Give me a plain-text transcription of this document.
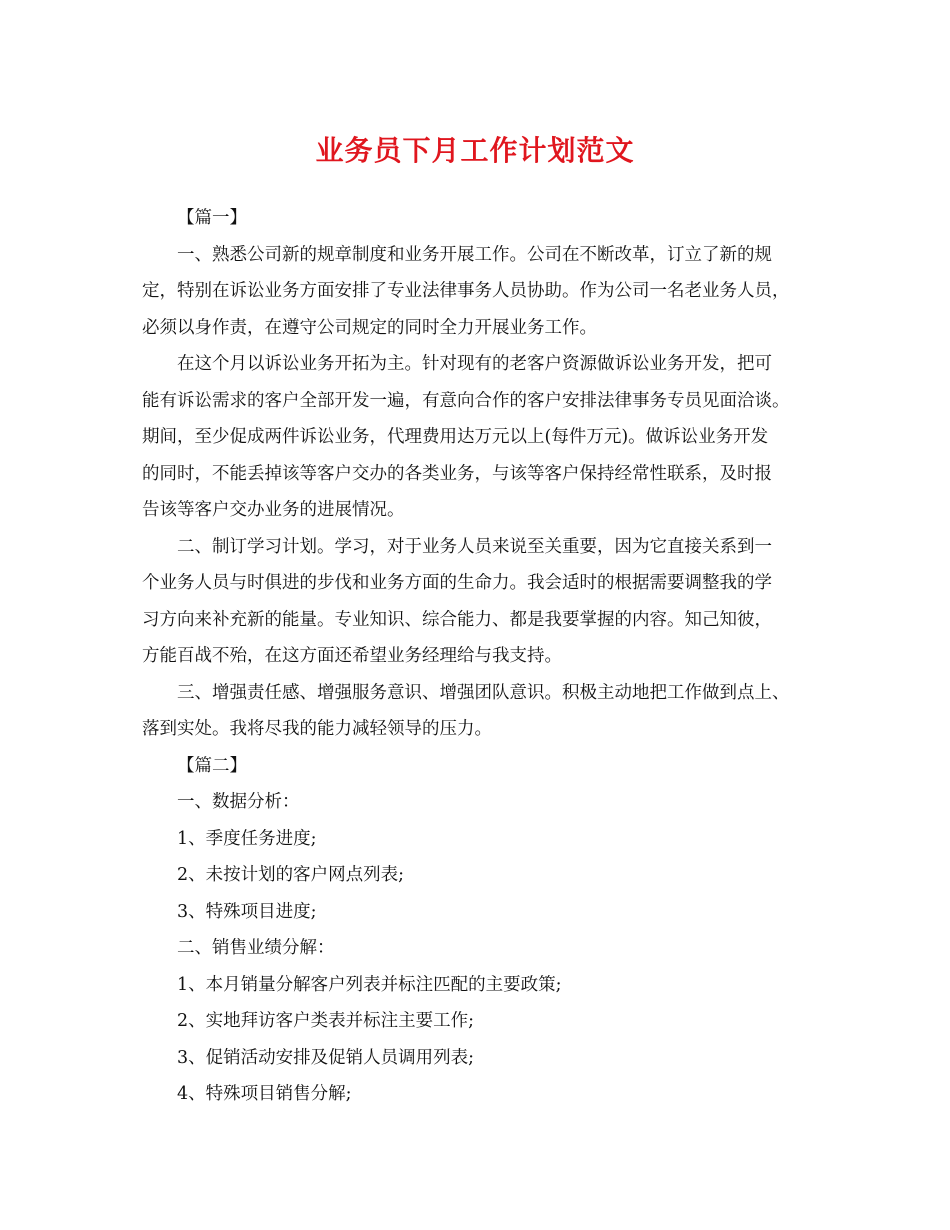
业务员下月工作计划范文
【篇一】
一、熟悉公司新的规章制度和业务开展工作。公司在不断改革，订立了新的规
定，特别在诉讼业务方面安排了专业法律事务人员协助。作为公司一名老业务人员，
必须以身作责，在遵守公司规定的同时全力开展业务工作。
在这个月以诉讼业务开拓为主。针对现有的老客户资源做诉讼业务开发，把可
能有诉讼需求的客户全部开发一遍，有意向合作的客户安排法律事务专员见面洽谈。
期间，至少促成两件诉讼业务，代理费用达万元以上(每件万元)。做诉讼业务开发
的同时，不能丢掉该等客户交办的各类业务，与该等客户保持经常性联系，及时报
告该等客户交办业务的进展情况。
二、制订学习计划。学习，对于业务人员来说至关重要，因为它直接关系到一
个业务人员与时俱进的步伐和业务方面的生命力。我会适时的根据需要调整我的学
习方向来补充新的能量。专业知识、综合能力、都是我要掌握的内容。知己知彼，
方能百战不殆，在这方面还希望业务经理给与我支持。
三、增强责任感、增强服务意识、增强团队意识。积极主动地把工作做到点上、
落到实处。我将尽我的能力减轻领导的压力。
【篇二】
一、数据分析：
1、季度任务进度;
2、未按计划的客户网点列表;
3、特殊项目进度;
二、销售业绩分解：
1、本月销量分解客户列表并标注匹配的主要政策;
2、实地拜访客户类表并标注主要工作;
3、促销活动安排及促销人员调用列表;
4、特殊项目销售分解;
